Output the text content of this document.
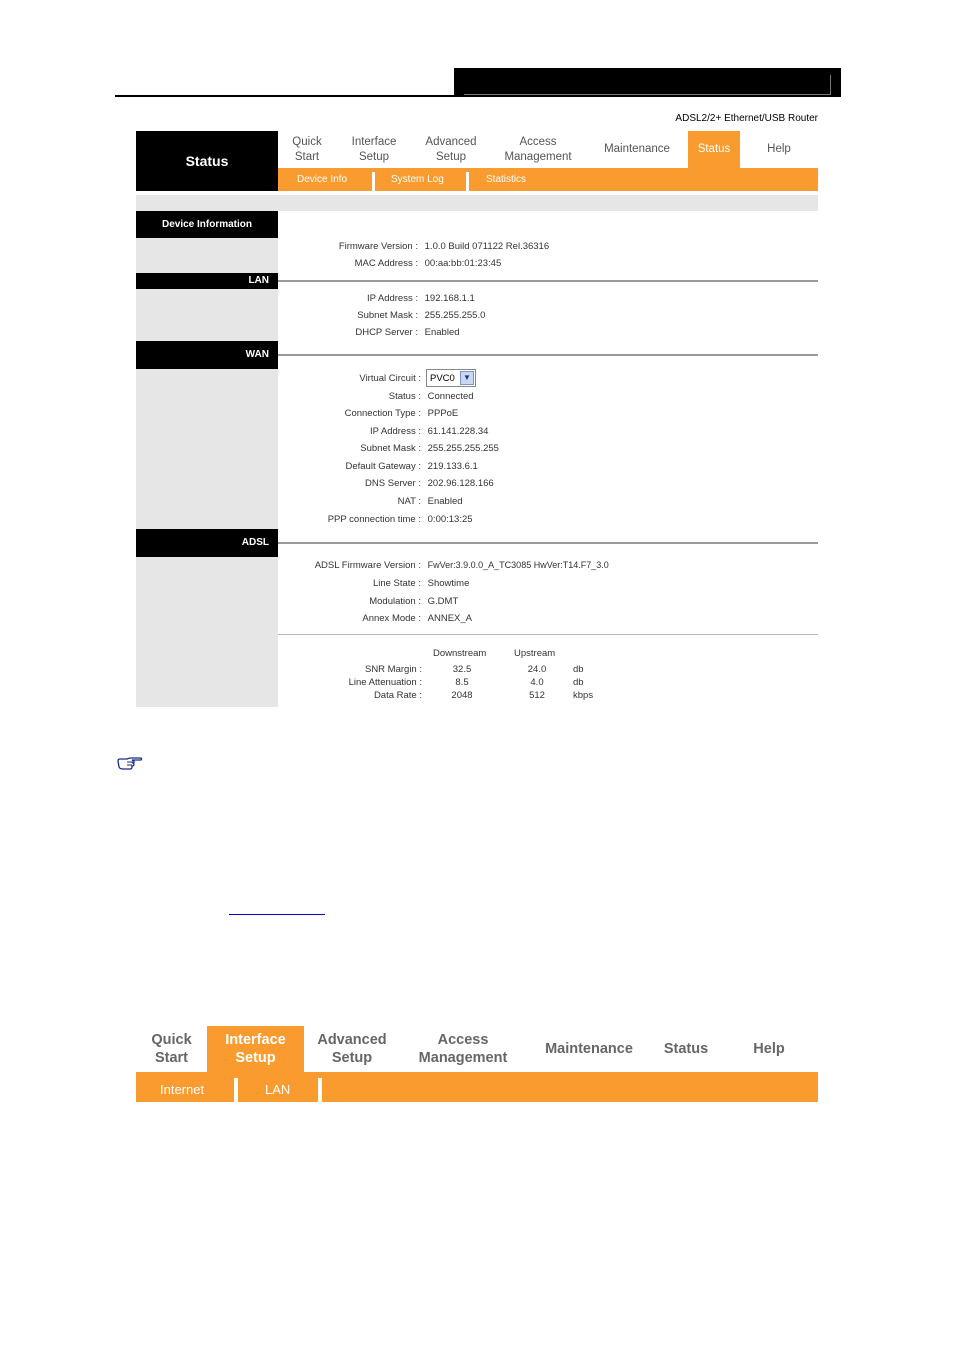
ADSL2/2+ Ethernet/USB Router
Status
Quick
Start
Interface
Setup
Advanced
Setup
Access
Management
Maintenance	Status	Help
Device Info	System Log	Statistics
Device Information
Firmware Version : 1.0.0 Build 071122 Rel.36316
MAC Address : 00:aa:bb:01:23:45
LAN
IP Address : 192.168.1.1
Subnet Mask : 255.255.255.0
DHCP Server : Enabled
WAN
Virtual Circuit : PVC0	▼
Status : Connected
Connection Type : PPPoE
IP Address : 61.141.228.34
Subnet Mask : 255.255.255.255
Default Gateway : 219.133.6.1
DNS Server : 202.96.128.166
NAT : Enabled
PPP connection time : 0:00:13:25
ADSL
ADSL Firmware Version : FwVer:3.9.0.0_A_TC3085 HwVer:T14.F7_3.0
Line State : Showtime
Modulation : G.DMT
Annex Mode : ANNEX_A
Downstream	Upstream
SNR Margin :	32.5	24.0	db
Line Attenuation :	8.5	4.0	db
Data Rate :	2048	512	kbps
Quick
Start
Interface
Setup
Advanced
Setup
Access
Management
Maintenance	Status	Help
Internet	LAN
